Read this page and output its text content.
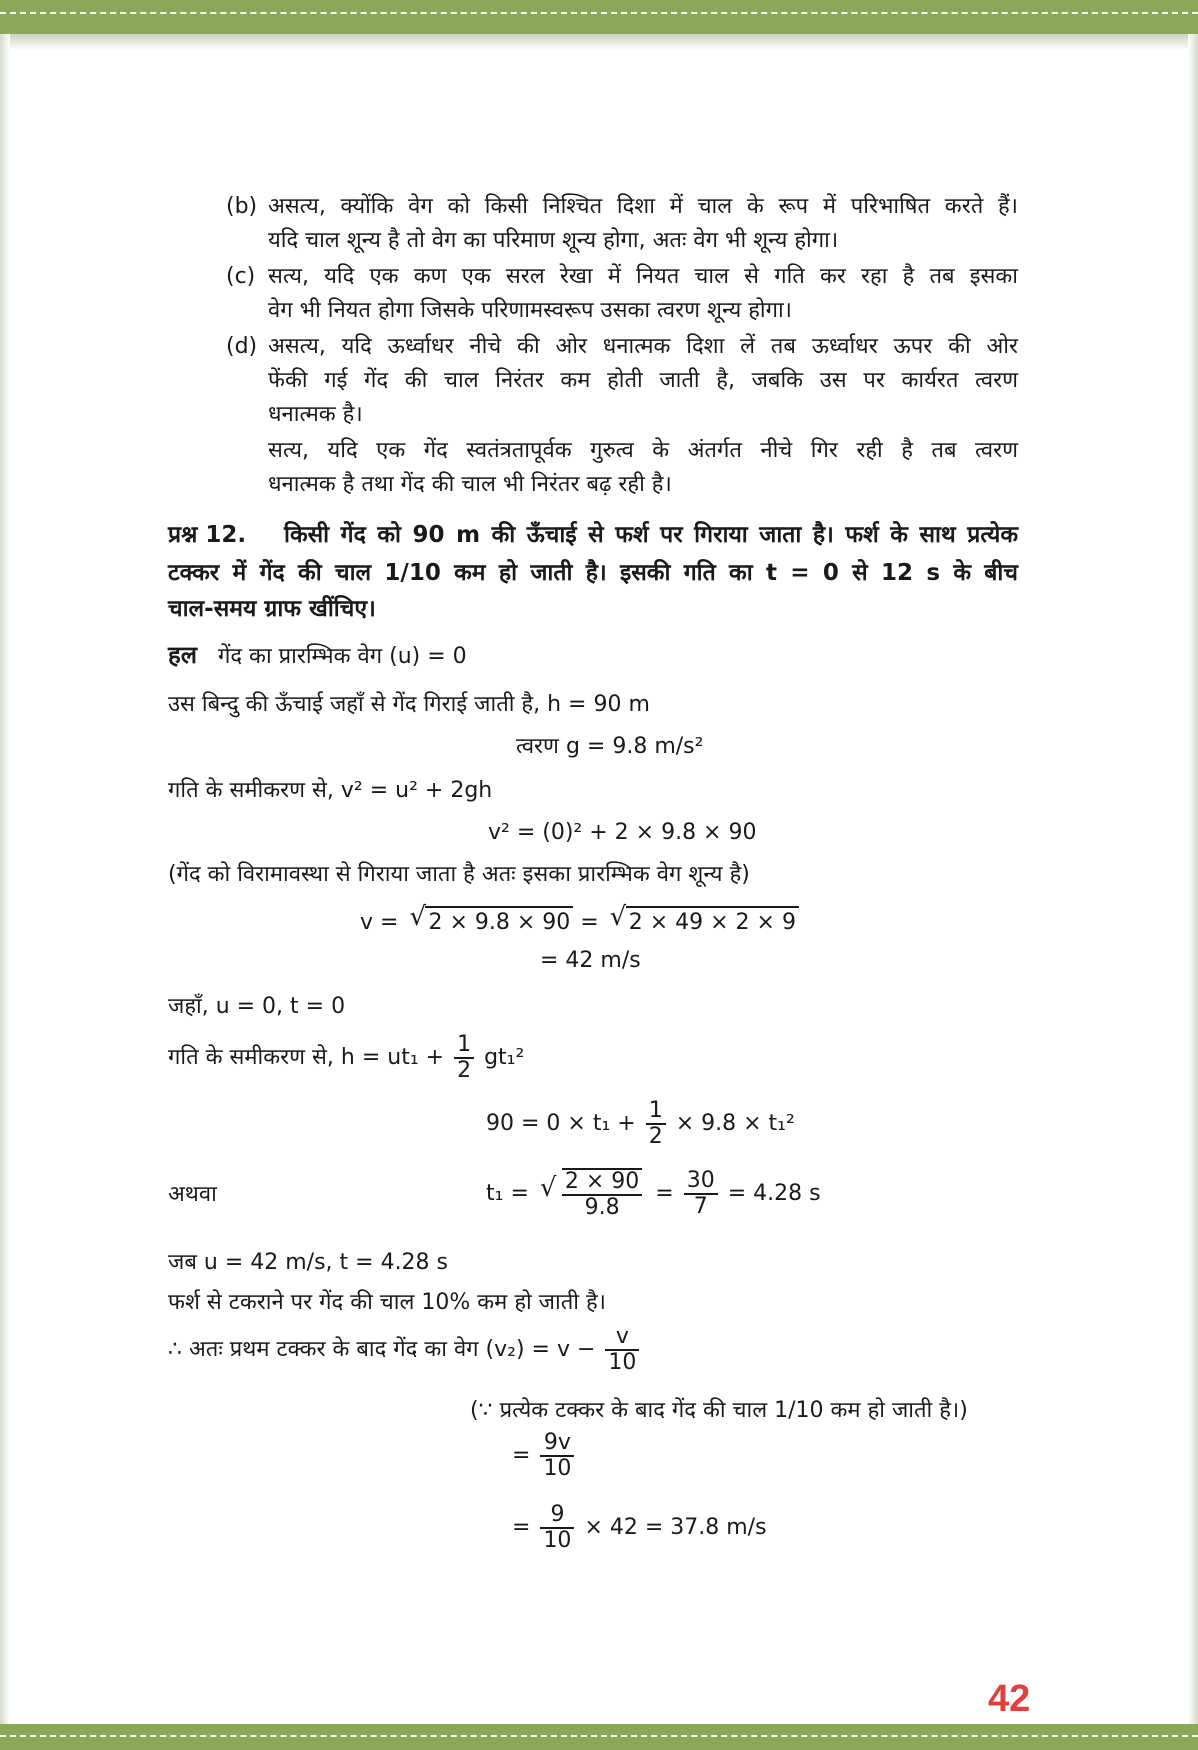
(b) असत्य, क्योंकि वेग को किसी निश्चित दिशा में चाल के रूप में परिभाषित करते हैं।
यदि चाल शून्य है तो वेग का परिमाण शून्य होगा, अतः वेग भी शून्य होगा।
(c) सत्य, यदि एक कण एक सरल रेखा में नियत चाल से गति कर रहा है तब इसका
वेग भी नियत होगा जिसके परिणामस्वरूप उसका त्वरण शून्य होगा।
(d) असत्य, यदि ऊर्ध्वाधर नीचे की ओर धनात्मक दिशा लें तब ऊर्ध्वाधर ऊपर की ओर
फेंकी गई गेंद की चाल निरंतर कम होती जाती है, जबकि उस पर कार्यरत त्वरण
धनात्मक है।
सत्य, यदि एक गेंद स्वतंत्रतापूर्वक गुरुत्व के अंतर्गत नीचे गिर रही है तब त्वरण
धनात्मक है तथा गेंद की चाल भी निरंतर बढ़ रही है।
प्रश्न 12. किसी गेंद को 90 m की ऊँचाई से फर्श पर गिराया जाता है। फर्श के साथ प्रत्येक
टक्कर में गेंद की चाल 1/10 कम हो जाती है। इसकी गति का t = 0 से 12 s के बीच
चाल-समय ग्राफ खींचिए।
हल गेंद का प्रारम्भिक वेग (u) = 0
उस बिन्दु की ऊँचाई जहाँ से गेंद गिराई जाती है, h = 90 m
त्वरण g = 9.8 m/s²
गति के समीकरण से, v² = u² + 2gh
v² = (0)² + 2 × 9.8 × 90
(गेंद को विरामावस्था से गिराया जाता है अतः इसका प्रारम्भिक वेग शून्य है)
v = √ 2 × 9.8 × 90 = √ 2 × 49 × 2 × 9
= 42 m/s
जहाँ, u = 0, t = 0
गति के समीकरण से, $h = ut_1 + \frac{1}{2} gt_1^2$
$90 = 0 \times t_1 + \frac{1}{2} \times 9.8 \times t_1^2$
अथवा	t₁ = √ $\frac{2 \times 90}{9.8} = \frac{30}{7} = 4.28$ s
जब u = 42 m/s, t = 4.28 s
फर्श से टकराने पर गेंद की चाल 10% कम हो जाती है।
∴ अतः प्रथम टक्कर के बाद गेंद का वेग $(v_2) = v - \frac{v}{10}$
(∵ प्रत्येक टक्कर के बाद गेंद की चाल 1/10 कम हो जाती है।)
= $\frac{9v}{10}$
= $\frac{9}{10} \times 42 = 37.8$ m/s
42
